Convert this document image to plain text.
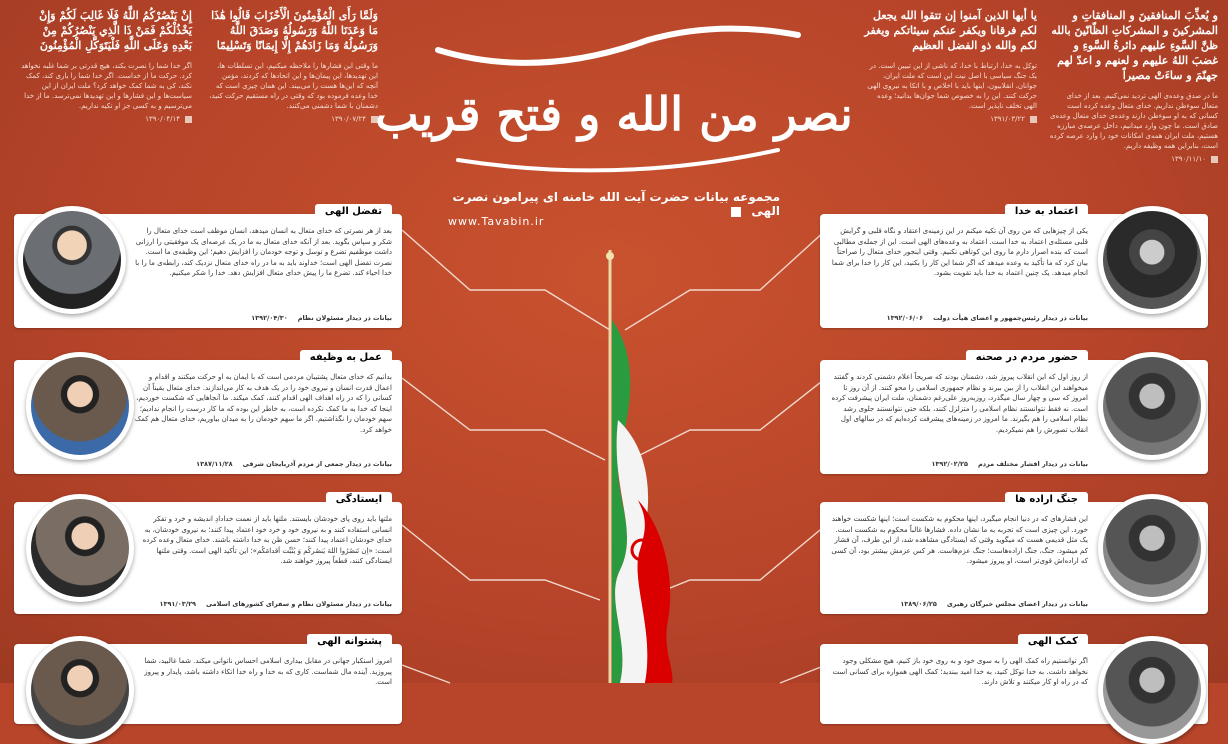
و يُعذِّبَ المنافقينَ و المنافقاتِ و المشركينَ و المشركاتِ الظّانّينَ بالله ظنَّ السَّوءِ عليهم دائرةُ السَّوءِ و غضبَ اللهُ عليهم و لعنهم و اعدّ لهم جهنّمَ و ساءَتْ مصيراً
ما در صدق وعده‌ی الهی تردید نمی‌کنیم. بعد از خدای متعال سوءظن نداریم. خدای متعال وعده کرده است کسانی که به او سوءظن دارند وعده‌ی خدای متعال وعده‌ی صادق است. ما چون وارد میدانیم، داخل عرصه‌ی مبارزه هستیم، ملت ایران همه‌ی امکانات خود را وارد عرصه کرده است، بنابراین همه وظیفه داریم.
۱۳۹۰/۱۱/۱۰
يا أيها الذين آمنوا إن تتقوا الله يجعل لكم فرقانا ويكفر عنكم سيئاتكم ويغفر لكم والله ذو الفضل العظيم
توکل به خدا، ارتباط با خدا، که ناشی از این تبیین است. در یک جنگ سیاسی با اصل نیت این است که ملت ایران، جوانان، انقلابیون، اینها باید با اخلاص و با اتکا به نیروی الهی حرکت کنند. این را به خصوص شما جوان‌ها بدانید؛ وعده الهی تخلف ناپذیر است.
۱۳۹۱/۰۳/۲۲
وَلَمَّا رَأَى الْمُؤْمِنُونَ الْأَحْزَابَ قَالُوا هَٰذَا مَا وَعَدَنَا اللَّهُ وَرَسُولُهُ وَصَدَقَ اللَّهُ وَرَسُولُهُ وَمَا زَادَهُمْ إِلَّا إِيمَانًا وَتَسْلِيمًا
ما وقتی این فشارها را ملاحظه میکنیم، این تسلطات ها، این تهدیدها، این پیمان‌ها و این اتحادها که کردند، مؤمن آنچه که این‌ها هست را می‌بیند. این همان چیزی است که خدا وعده فرموده بود که وقتی در راه مستقیم حرکت کنید، دشمنان با شما دشمنی می‌کنند.
۱۳۹۰/۰۷/۲۴
إِنْ يَنْصُرْكُمُ اللَّهُ فَلَا غَالِبَ لَكُمْ وَإِنْ يَخْذُلْكُمْ فَمَنْ ذَا الَّذِي يَنْصُرُكُمْ مِنْ بَعْدِهِ وَعَلَى اللَّهِ فَلْيَتَوَكَّلِ الْمُؤْمِنُونَ
اگر خدا شما را نصرت بکند، هیچ قدرتی بر شما غلبه نخواهد کرد. حرکت ما از خداست. اگر خدا شما را یاری کند، کمک نکند، کی به شما کمک خواهد کرد؟ ملت ایران از این سیاست‌ها و این فشارها و این تهدیدها نمی‌ترسد. ما از خدا می‌ترسیم و به کسی جز او تکیه نداریم.
۱۳۹۰/۰۴/۱۴	نصر من الله و فتح قریب
مجموعه بیانات حضرت آیت الله خامنه ای پیرامون نصرت الهی
www.Tavabin.ir
تفضل الهی
بعد از هر نصرتی که خدای متعال به انسان میدهد، انسان موظف است خدای متعال را شکر و سپاس بگوید. بعد از آنکه خدای متعال به ما در یک عرصه‌ای یک موفقیتی را ارزانی داشت موظفیم تضرع و توسل و توجه خودمان را افزایش دهیم؛ این وظیفه‌ی ما است. نصرت تفضل الهی است؛ خداوند باید به ما در راه خدای متعال نزدیک کند، رابطه‌ی ما را با خدا احیاء کند. تضرع ما را پیش خدای متعال افزایش دهد. خدا را شکر میکنیم.
بیانات در دیدار مسئولان نظام
۱۳۹۲/۰۴/۳۰
عمل به وظیفه
بدانیم که خدای متعال پشتیبان مردمی است که با ایمان به او حرکت میکنند و اقدام و اعمال قدرت انسان و نیروی خود را در یک هدف به کار می‌اندازند. خدای متعال یقیناً آن کسانی را که در راه اهداف الهی اقدام کنند، کمک میکند. ما آنجاهایی که شکست خوردیم، اینجا که خدا به ما کمک نکرده است، به خاطر این بوده که ما کار درست را انجام ندادیم؛ سهم خودمان را نگذاشتیم. اگر ما سهم خودمان را به میدان بیاوریم، خدای متعال هم کمک خواهد کرد.
بیانات در دیدار جمعی از مردم آذربایجان شرقی
۱۳۸۷/۱۱/۲۸
ایستادگی
ملتها باید روی پای خودشان بایستند. ملتها باید از نعمت خدادادِ اندیشه و خرد و تفکر انسانی استفاده کنند و به نیروی خود و خرد خود اعتماد پیدا کنند؛ به نیروی خودشان، به خدای خودشان اعتماد پیدا کنند؛ حسن ظن به خدا داشته باشند. خدای متعال وعده کرده است: «اِن تَنصُرُوا اللهَ یَنصُرکُم وَ یُثَبِّت اَقدامَکُم»؛ این تأکید الهی است. وقتی ملتها ایستادگی کنند، قطعاً پیروز خواهند شد.
بیانات در دیدار مسئولان نظام و سفرای کشورهای اسلامی
۱۳۹۱/۰۳/۲۹
پشتوانه الهی
امروز استکبار جهانی در مقابل بیداری اسلامی احساس ناتوانی میکند. شما غالبید، شما پیروزید. آینده مال شماست. کاری که به خدا و راه خدا اتکاء داشته باشد، پایدار و پیروز است.
اعتماد به خدا
یکی از چیزهایی که من روی آن تکیه میکنم در این زمینه‌ی اعتقاد و نگاه قلبی و گرایش قلبی مسئله‌ی اعتماد به خدا است. اعتماد به وعده‌های الهی است. این از جمله‌ی مطالبی است که بنده اصرار دارم ما روی این کوتاهی نکنیم. وقتی اینجور خدای متعال را صراحتاً بیان کرد که ما تأکید به وعده میدهد که اگر شما این کار را بکنید، این کار را خدا برای شما انجام میدهد. یک چنین اعتماد به خدا باید تقویت بشود.
بیانات در دیدار رئیس‌جمهور و اعضای هیأت دولت
۱۳۹۲/۰۶/۰۶
حضور مردم در صحنه
از روز اول که این انقلاب پیروز شد، دشمنان بودند که صریحاً اعلام دشمنی کردند و گفتند میخواهند این انقلاب را از بین ببرند و نظام جمهوری اسلامی را محو کنند. از آن روز تا امروز که سی و چهار سال میگذرد، روزبه‌روز علی‌رغم دشمنان، ملت ایران پیشرفت کرده است. نه فقط نتوانستند نظام اسلامی را متزلزل کنند، بلکه حتی نتوانستند جلوی رشد نظام اسلامی را هم بگیرند. ما امروز در زمینه‌های پیشرفت کرده‌ایم که در سالهای اول انقلاب تصورش را هم نمیکردیم.
بیانات در دیدار اقشار مختلف مردم
۱۳۹۲/۰۲/۲۵
جنگ اراده ها
این فشارهای که در دنیا انجام میگیرد، اینها محکوم به شکست است؛ اینها شکست خواهند خورد. این چیزی است که تجربه به ما نشان داده. فشارها غالباً محکوم به شکست است. یک مثل قدیمی هست که میگوید وقتی که ایستادگی مشاهده شد، از این طرف، آن فشار کم میشود. جنگ، جنگ اراده‌هاست؛ جنگ عزم‌هاست. هر کس عزمش بیشتر بود، آن کسی که اراده‌اش قوی‌تر است، او پیروز میشود.
بیانات در دیدار اعضای مجلس خبرگان رهبری
۱۳۸۹/۰۶/۲۵
کمک الهی
اگر توانستیم راه کمک الهی را به سوی خود و به روی خود باز کنیم، هیچ مشکلی وجود نخواهد داشت. به خدا توکل کنید، به خدا امید ببندید؛ کمک الهی همواره برای کسانی است که در راه او کار میکنند و تلاش دارند.
